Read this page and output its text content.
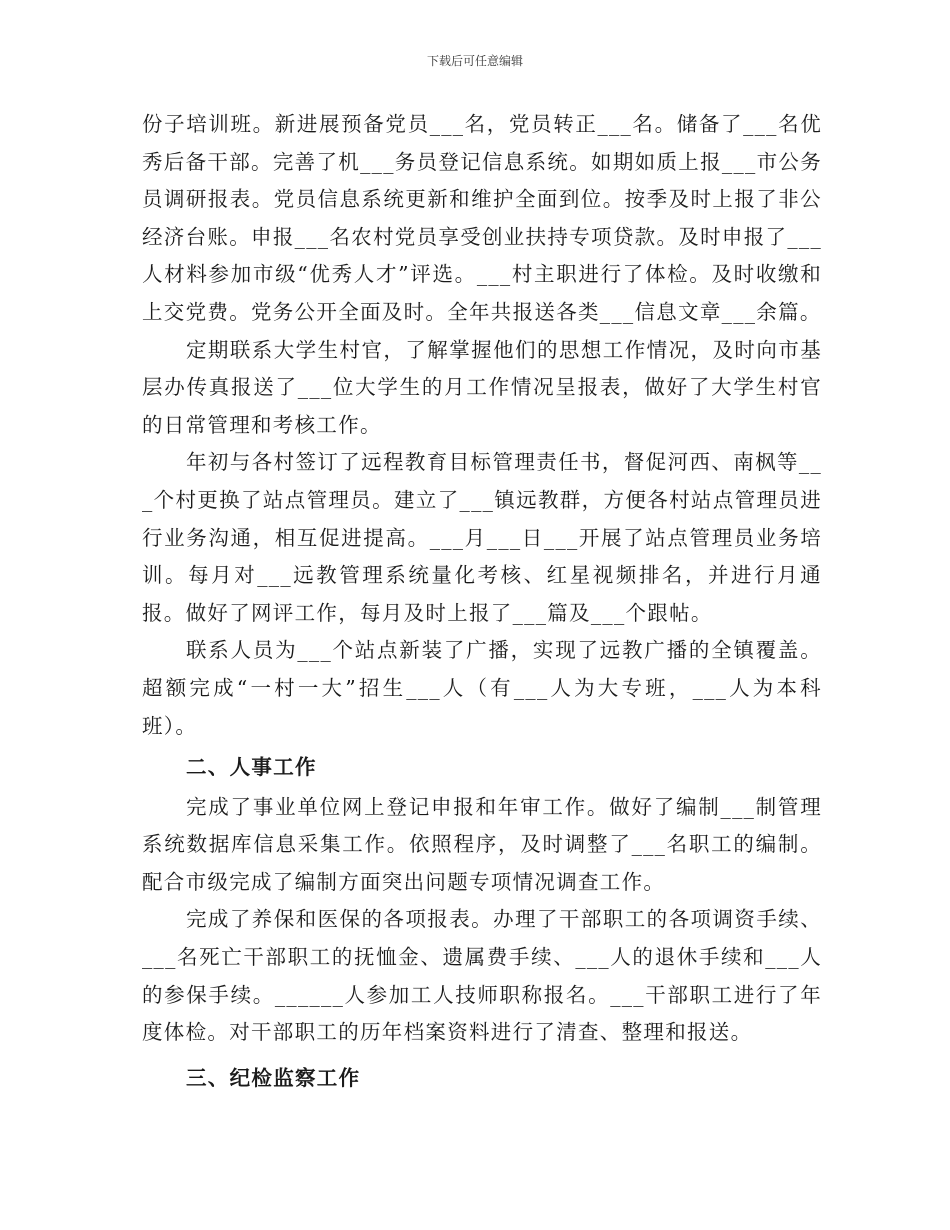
下载后可任意编辑

份子培训班。新进展预备党员___名，党员转正___名。储备了___名优秀后备干部。完善了机___务员登记信息系统。如期如质上报___市公务员调研报表。党员信息系统更新和维护全面到位。按季及时上报了非公经济台账。申报___名农村党员享受创业扶持专项贷款。及时申报了___人材料参加市级“优秀人才”评选。___村主职进行了体检。及时收缴和上交党费。党务公开全面及时。全年共报送各类___信息文章___余篇。

定期联系大学生村官，了解掌握他们的思想工作情况，及时向市基层办传真报送了___位大学生的月工作情况呈报表，做好了大学生村官的日常管理和考核工作。

年初与各村签订了远程教育目标管理责任书，督促河西、南枫等___个村更换了站点管理员。建立了___镇远教群，方便各村站点管理员进行业务沟通，相互促进提高。___月___日___开展了站点管理员业务培训。每月对___远教管理系统量化考核、红星视频排名，并进行月通报。做好了网评工作，每月及时上报了___篇及___个跟帖。

联系人员为___个站点新装了广播，实现了远教广播的全镇覆盖。超额完成“一村一大”招生___人（有___人为大专班，___人为本科班）。

二、人事工作

完成了事业单位网上登记申报和年审工作。做好了编制___制管理系统数据库信息采集工作。依照程序，及时调整了___名职工的编制。配合市级完成了编制方面突出问题专项情况调查工作。

完成了养保和医保的各项报表。办理了干部职工的各项调资手续、___名死亡干部职工的抚恤金、遗属费手续、___人的退休手续和___人的参保手续。______人参加工人技师职称报名。___干部职工进行了年度体检。对干部职工的历年档案资料进行了清查、整理和报送。

三、纪检监察工作
